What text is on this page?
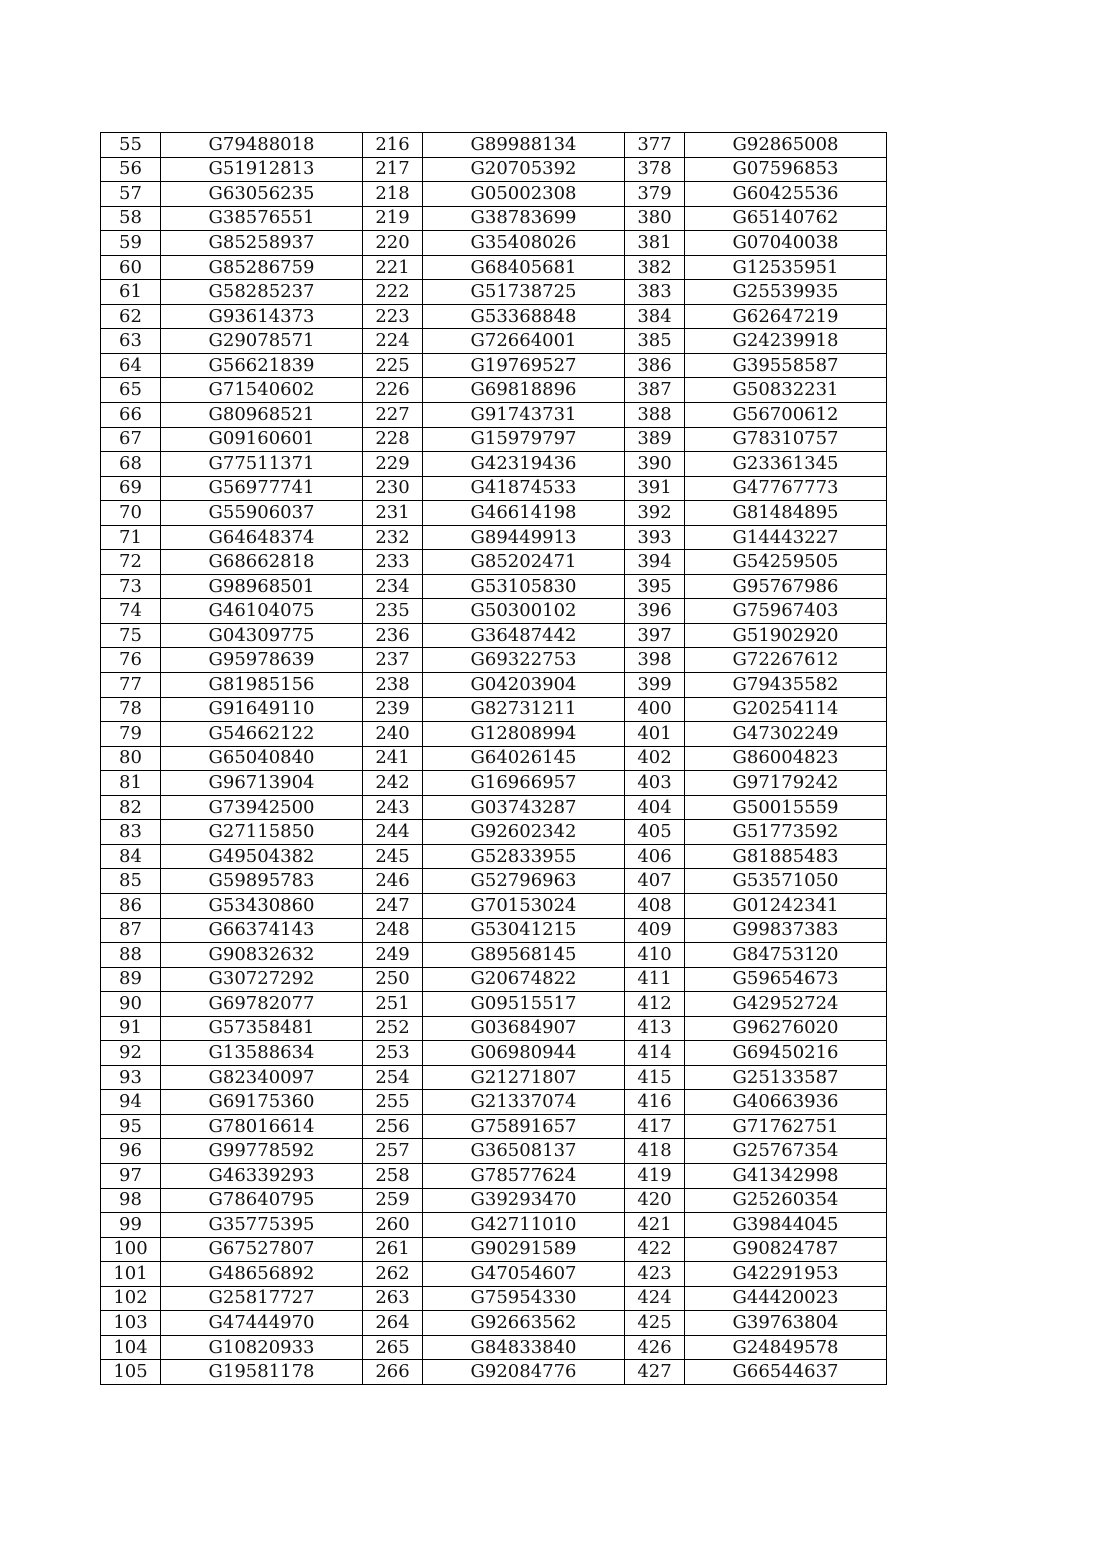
55	G79488018	216	G89988134	377	G92865008
56	G51912813	217	G20705392	378	G07596853
57	G63056235	218	G05002308	379	G60425536
58	G38576551	219	G38783699	380	G65140762
59	G85258937	220	G35408026	381	G07040038
60	G85286759	221	G68405681	382	G12535951
61	G58285237	222	G51738725	383	G25539935
62	G93614373	223	G53368848	384	G62647219
63	G29078571	224	G72664001	385	G24239918
64	G56621839	225	G19769527	386	G39558587
65	G71540602	226	G69818896	387	G50832231
66	G80968521	227	G91743731	388	G56700612
67	G09160601	228	G15979797	389	G78310757
68	G77511371	229	G42319436	390	G23361345
69	G56977741	230	G41874533	391	G47767773
70	G55906037	231	G46614198	392	G81484895
71	G64648374	232	G89449913	393	G14443227
72	G68662818	233	G85202471	394	G54259505
73	G98968501	234	G53105830	395	G95767986
74	G46104075	235	G50300102	396	G75967403
75	G04309775	236	G36487442	397	G51902920
76	G95978639	237	G69322753	398	G72267612
77	G81985156	238	G04203904	399	G79435582
78	G91649110	239	G82731211	400	G20254114
79	G54662122	240	G12808994	401	G47302249
80	G65040840	241	G64026145	402	G86004823
81	G96713904	242	G16966957	403	G97179242
82	G73942500	243	G03743287	404	G50015559
83	G27115850	244	G92602342	405	G51773592
84	G49504382	245	G52833955	406	G81885483
85	G59895783	246	G52796963	407	G53571050
86	G53430860	247	G70153024	408	G01242341
87	G66374143	248	G53041215	409	G99837383
88	G90832632	249	G89568145	410	G84753120
89	G30727292	250	G20674822	411	G59654673
90	G69782077	251	G09515517	412	G42952724
91	G57358481	252	G03684907	413	G96276020
92	G13588634	253	G06980944	414	G69450216
93	G82340097	254	G21271807	415	G25133587
94	G69175360	255	G21337074	416	G40663936
95	G78016614	256	G75891657	417	G71762751
96	G99778592	257	G36508137	418	G25767354
97	G46339293	258	G78577624	419	G41342998
98	G78640795	259	G39293470	420	G25260354
99	G35775395	260	G42711010	421	G39844045
100	G67527807	261	G90291589	422	G90824787
101	G48656892	262	G47054607	423	G42291953
102	G25817727	263	G75954330	424	G44420023
103	G47444970	264	G92663562	425	G39763804
104	G10820933	265	G84833840	426	G24849578
105	G19581178	266	G92084776	427	G66544637
